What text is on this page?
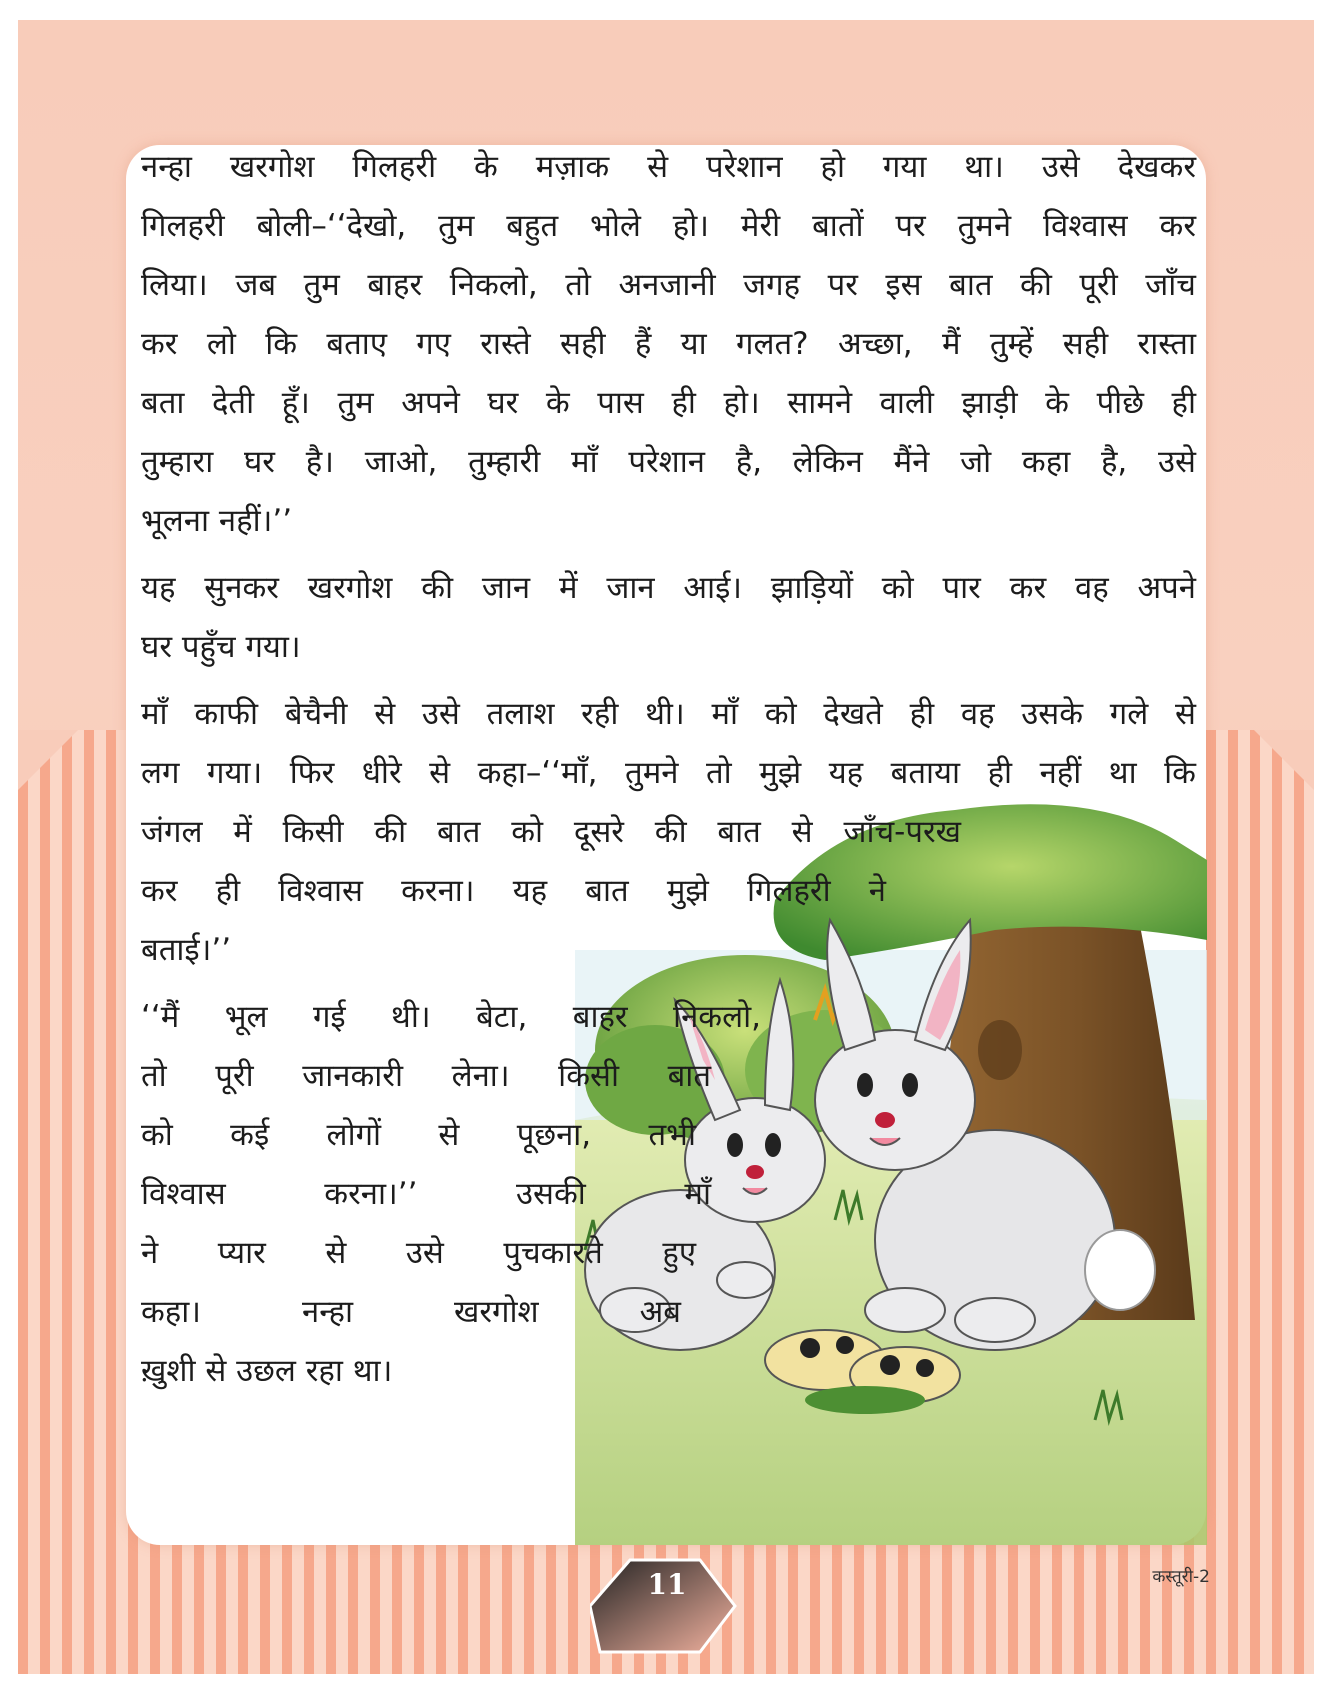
नन्हा खरगोश गिलहरी के मज़ाक से परेशान हो गया था। उसे देखकर
गिलहरी बोली–‘‘देखो, तुम बहुत भोले हो। मेरी बातों पर तुमने विश्वास कर
लिया। जब तुम बाहर निकलो, तो अनजानी जगह पर इस बात की पूरी जाँच
कर लो कि बताए गए रास्ते सही हैं या गलत? अच्छा, मैं तुम्हें सही रास्ता
बता देती हूँ। तुम अपने घर के पास ही हो। सामने वाली झाड़ी के पीछे ही
तुम्हारा घर है। जाओ, तुम्हारी माँ परेशान है, लेकिन मैंने जो कहा है, उसे
भूलना नहीं।’’
यह सुनकर खरगोश की जान में जान आई। झाड़ियों को पार कर वह अपने
घर पहुँच गया।
माँ काफी बेचैनी से उसे तलाश रही थी। माँ को देखते ही वह उसके गले से
लग गया। फिर धीरे से कहा–‘‘माँ, तुमने तो मुझे यह बताया ही नहीं था कि
जंगल में किसी की बात को दूसरे की बात से जाँच-परख
कर ही विश्वास करना। यह बात मुझे गिलहरी ने
बताई।’’
‘‘मैं भूल गई थी। बेटा, बाहर निकलो,
तो पूरी जानकारी लेना। किसी बात
को कई लोगों से पूछना, तभी
विश्वास करना।’’ उसकी माँ
ने प्यार से उसे पुचकारते हुए
कहा। नन्हा खरगोश अब
ख़ुशी से उछल रहा था।
11	कस्तूरी-2
